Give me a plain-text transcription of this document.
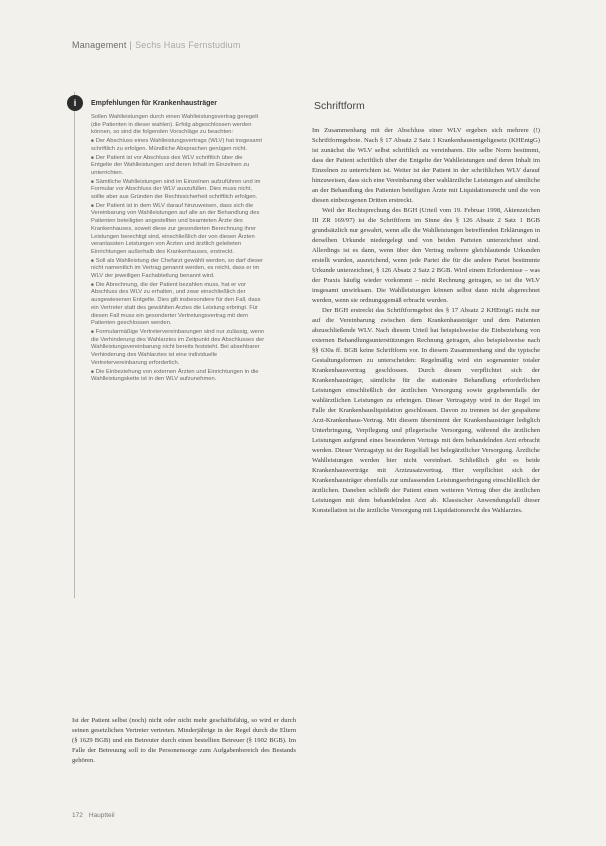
Management | Sechs Haus Fernstudium
i	Empfehlungen für Krankenhausträger

Sollen Wahlleistungen durch einen Wahlleistungsvertrag geregelt (die Patienten in dieser wahlen). Erfolg abgeschlossen werden können, so sind die folgenden Vorschläge zu beachten:

■ Der Abschluss eines Wahlleistungsvertrags (WLV) hat insgesamt schriftlich zu erfolgen. Mündliche Absprachen genügen nicht.

■ Der Patient ist vor Abschluss des WLV schriftlich über die Entgelte der Wahlleistungen und deren Inhalt im Einzelnen zu unterrichten.

■ Sämtliche Wahlleistungen sind im Einzelnen aufzuführen und im Formular vor Abschluss der WLV auszufüllen. Dies muss nicht, sollte aber aus Gründen der Rechtssicherheit schriftlich erfolgen.

■ Der Patient ist in dem WLV darauf hinzuweisen, dass sich die Vereinbarung von Wahlleistungen auf alle an der Behandlung des Patienten beteiligten angestellten und beamteten Ärzte des Krankenhauses, soweit diese zur gesonderten Berechnung ihrer Leistungen berechtigt sind, einschließlich der von diesen Ärzten veranlassten Leistungen von Ärzten und ärztlich geleiteten Einrichtungen außerhalb des Krankenhauses, erstreckt.

■ Soll als Wahlleistung der Chefarzt gewählt werden, so darf dieser nicht namentlich im Vertrag genannt werden, es reicht, dass er im WLV der jeweiligen Fachabteilung benannt wird.

■ Die Abrechnung, die der Patient bezahlen muss, hat er vor Abschluss des WLV zu erhalten, und zwar einschließlich der ausgewiesenen Entgelte. Dies gilt insbesondere für den Fall, dass ein Vertreter statt des gewählten Arztes die Leistung erbringt. Für diesen Fall muss ein gesonderter Vertretungsvertrag mit dem Patienten geschlossen werden.

■ Formularmäßige Vertretervereinbarungen sind nur zulässig, wenn die Verhinderung des Wahlarztes im Zeitpunkt des Abschlusses der Wahlleistungsvereinbarung nicht bereits feststeht. Bei absehbarer Verhinderung des Wahlarztes ist eine individuelle Vertretervereinbarung erforderlich.

■ Die Einbeziehung von externen Ärzten und Einrichtungen in die Wahlleistungskette ist in den WLV aufzunehmen.

Schriftform

Im Zusammenhang mit der Abschluss einer WLV ergeben sich mehrere (!) Schriftformgebote. Nach § 17 Absatz 2 Satz 1 Krankenhausentgeltgesetz (KHEntgG) ist zunächst die WLV selbst schriftlich zu vereinbaren. Die selbe Norm bestimmt, dass der Patient schriftlich über die Entgelte der Wahlleistungen und deren Inhalt im Einzelnen zu unterrichten ist. Weiter ist der Patient in der schriftlichen WLV darauf hinzuweisen, dass sich eine Vereinbarung über wahlärztliche Leistungen auf sämtliche an der Behandlung des Patienten beteiligten Ärzte mit Liquidationsrecht und die von diesen einbezogenen Dritten erstreckt.

Weil der Rechtsprechung des BGH (Urteil vom 19. Februar 1998, Aktenzeichen III ZR 169/97) ist die Schriftform im Sinne des § 126 Absatz 2 Satz 1 BGB grundsätzlich nur gewahrt, wenn alle die Wahlleistungen betreffenden Erklärungen in derselben Urkunde niedergelegt und von beiden Parteien unterzeichnet sind. Allerdings ist es dann, wenn über den Vertrag mehrere gleichlautende Urkunden erstellt wurden, ausreichend, wenn jede Partei die für die andere Partei bestimmte Urkunde unterzeichnet, § 126 Absatz 2 Satz 2 BGB. Wird einem Erfordernisse – was der Praxis häufig wieder vorkommt – nicht Rechnung getragen, so ist die WLV insgesamt unwirksam. Die Wahlleistungen können selbst dann nicht abgerechnet werden, wenn sie ordnungsgemäß erbracht wurden.

Der BGH erstreckt das Schriftformgebot des § 17 Absatz 2 KHEntgG nicht nur auf die Vereinbarung zwischen dem Krankenhausträger und dem Patienten abzuschließende WLV. Nach diesem Urteil hat beispielsweise die Einbeziehung von externen Behandlungsunterstützungen Rechnung getragen, also beispielsweise nach §§ 630a ff. BGB keine Schriftform vor. In diesem Zusammenhang sind die typische Gestaltungsformen zu unterscheiden: Regelmäßig wird ein sogenannter totaler Krankenhausvertrag geschlossen. Durch diesen verpflichtet sich der Krankenhausträger, sämtliche für die stationäre Behandlung erforderlichen Leistungen einschließlich der ärztlichen Versorgung sowie gegebenenfalls der wahlärztlichen Leistungen zu erbringen. Dieser Vertragstyp wird in der Regel im Falle der Krankenhausliquidation geschlossen. Davon zu trennen ist der gespaltene Arzt-Krankenhaus-Vertrag. Mit diesem übernimmt der Krankenhausträger lediglich Unterbringung, Verpflegung und pflegerische Versorgung, während die ärztlichen Leistungen aufgrund eines besonderen Vertrags mit dem behandelnden Arzt erbracht werden. Dieser Vertragstyp ist der Regelfall bei belegärztlicher Versorgung. Ärztliche Wahlleistungen werden hier nicht vereinbart. Schließlich gibt es beide Krankenhausverträge mit Arztzusatzvertrag. Hier verpflichtet sich der Krankenhausträger ebenfalls zur umfassenden Leistungserbringung einschließlich der ärztlichen. Daneben schließt der Patient einen weiteren Vertrag über die ärztlichen Leistungen mit dem behandelnden Arzt ab. Klassischer Anwendungsfall dieser Konstellation ist die ärztliche Versorgung mit Liquidationsrecht des Wahlarztes.

Ist der Patient selbst (noch) nicht oder nicht mehr geschäftsfähig, so wird er durch seinen gesetzlichen Vertreter vertreten. Minderjährige in der Regel durch die Eltern (§ 1629 BGB) und ein Betreuter durch einen bestellten Betreuer (§ 1902 BGB). Im Falle der Betreuung soll to die Personensorge zum Aufgabenbereich des Bestands gehören.
172 Hauptteil
